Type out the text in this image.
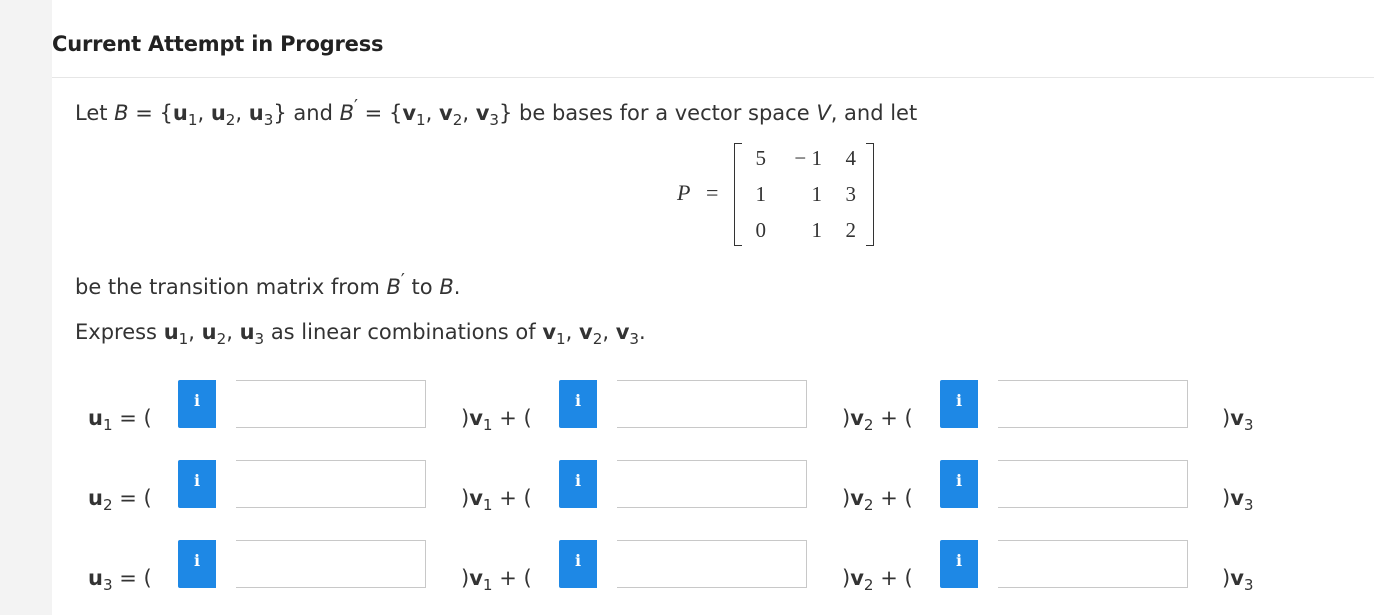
Current Attempt in Progress
Let $B = \{u_1$, $u_2$, $u_3$} and $B' = \{v_1$, $v_2$, $v_3$} be bases for a vector space V, and let
P =
5	− 1	4
1	1	3
0	1	2
be the transition matrix from B′ to B.
Express $u_1$, $u_2$, $u_3$ as linear combinations of $v_1$, $v_2$, $v_3$.
$u_1$ = (
i
)$v_1$ + (
i
)$v_2$ + (
i
)$v_3$
$u_2$ = (
i
)$v_1$ + (
i
)$v_2$ + (
i
)$v_3$
$u_3$ = (
i
)$v_1$ + (
i
)$v_2$ + (
i
)$v_3$
